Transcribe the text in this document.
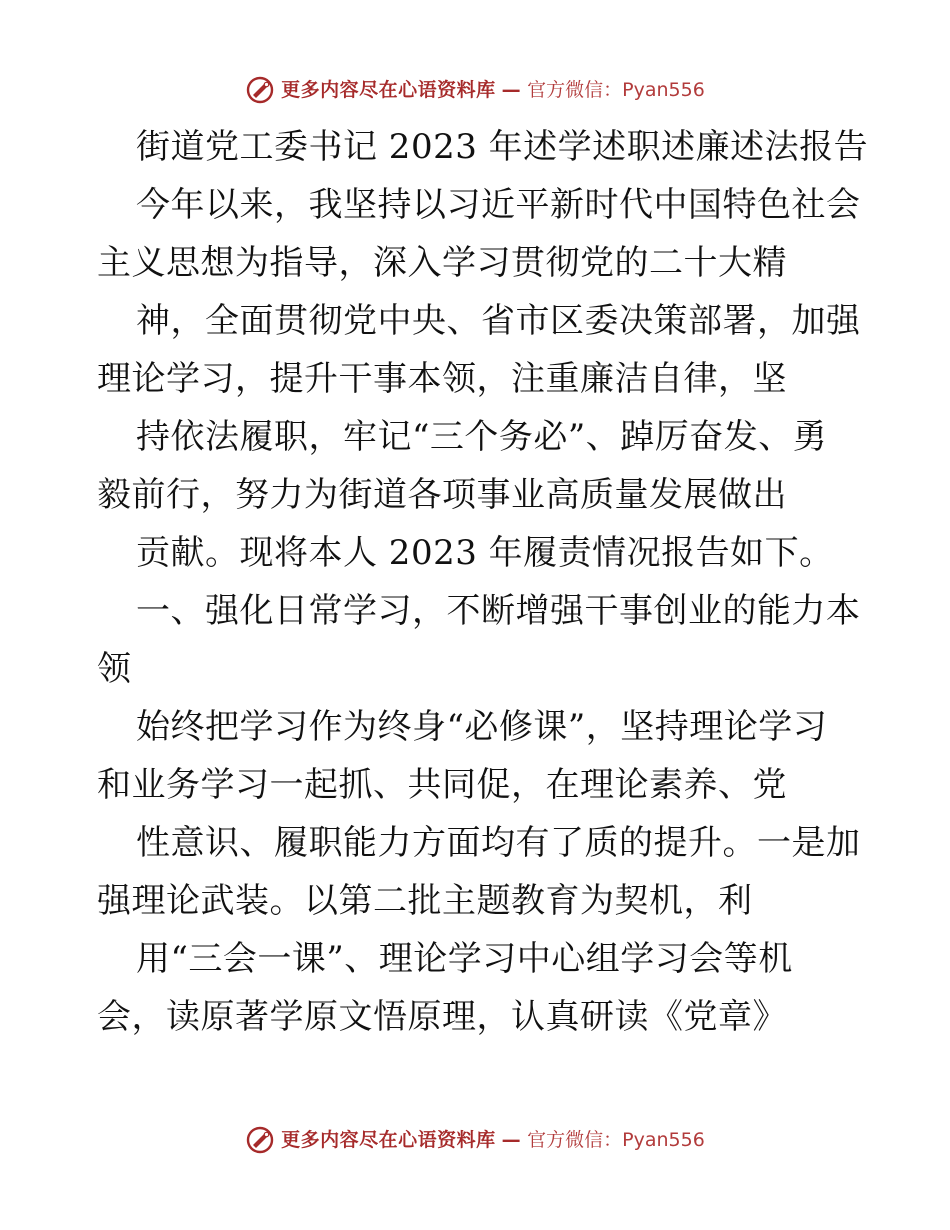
更多内容尽在心语资料库 — 官方微信：Pyan556
街道党工委书记 2023 年述学述职述廉述法报告
今年以来，我坚持以习近平新时代中国特色社会
主义思想为指导，深入学习贯彻党的二十大精
神，全面贯彻党中央、省市区委决策部署，加强
理论学习，提升干事本领，注重廉洁自律，坚
持依法履职，牢记“三个务必”、踔厉奋发、勇
毅前行，努力为街道各项事业高质量发展做出
贡献。现将本人 2023 年履责情况报告如下。
一、强化日常学习，不断增强干事创业的能力本
领
始终把学习作为终身“必修课”，坚持理论学习
和业务学习一起抓、共同促，在理论素养、党
性意识、履职能力方面均有了质的提升。一是加
强理论武装。以第二批主题教育为契机，利
用“三会一课”、理论学习中心组学习会等机
会，读原著学原文悟原理，认真研读《党章》
更多内容尽在心语资料库 — 官方微信：Pyan556
